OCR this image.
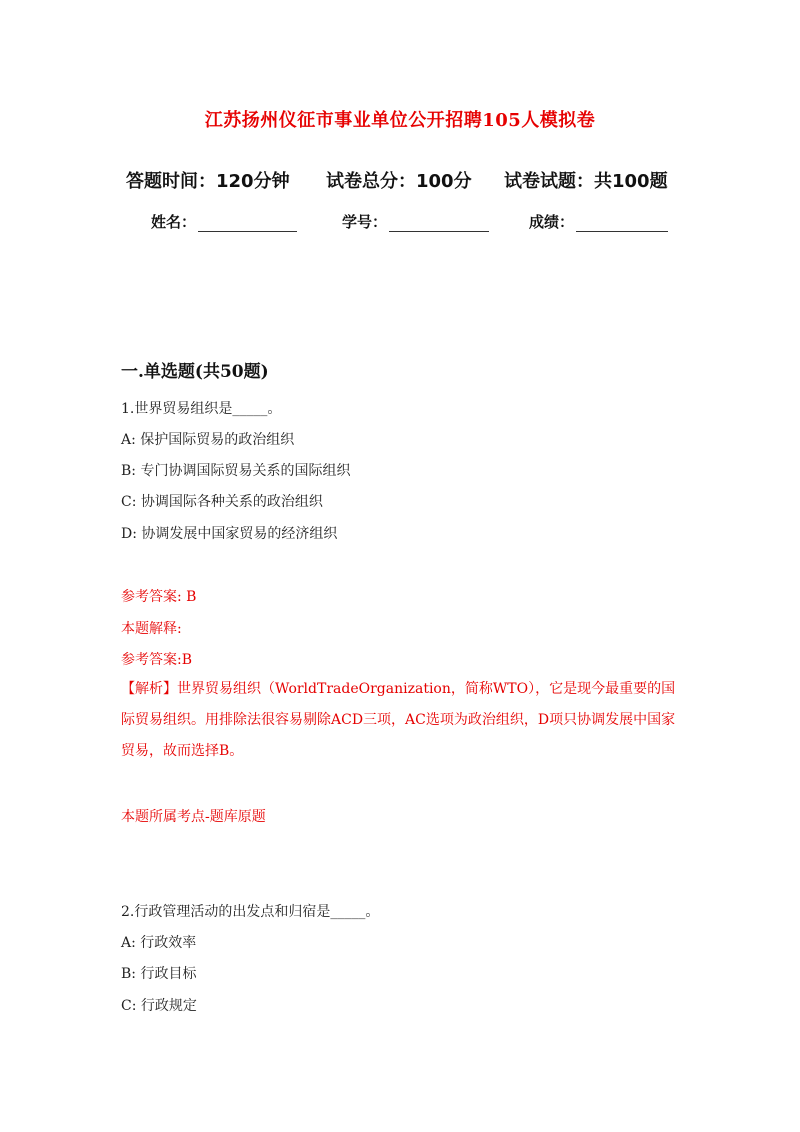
江苏扬州仪征市事业单位公开招聘105人模拟卷
答题时间：120分钟	试卷总分：100分	试卷试题：共100题
姓名：	学号：	成绩：
一.单选题(共50题)
1.世界贸易组织是_____。
A: 保护国际贸易的政治组织
B: 专门协调国际贸易关系的国际组织
C: 协调国际各种关系的政治组织
D: 协调发展中国家贸易的经济组织
参考答案: B
本题解释:
参考答案:B
【解析】世界贸易组织（WorldTradeOrganization，简称WTO），它是现今最重要的国际贸易组织。用排除法很容易剔除ACD三项，AC选项为政治组织，D项只协调发展中国家贸易，故而选择B。
本题所属考点-题库原题
2.行政管理活动的出发点和归宿是_____。
A: 行政效率
B: 行政目标
C: 行政规定
